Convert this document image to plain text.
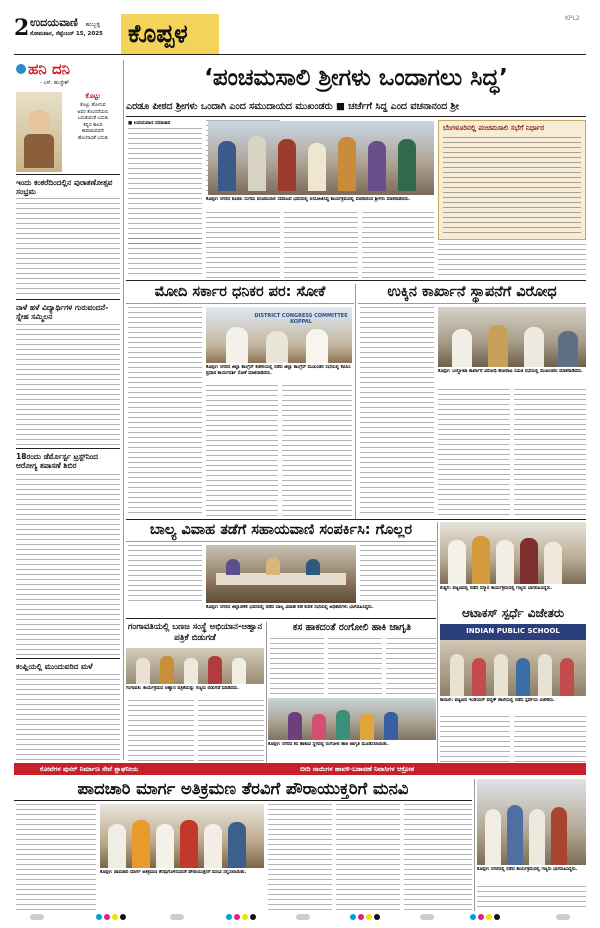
2 ಉದಯವಾಣಿ ಹುಬ್ಬಳ್ಳಿ
ಸೋಮವಾರ, ಸೆಪ್ಟೆಂಬರ್ 15, 2025 ಕೊಪ್ಪಳ
KPL2
ಹನಿ ದನಿ
- ಎಸ್. ಹುಚ್ಚೇಶ್
ಕೊಟ್ಟು
ಕೊಟ್ಟು ಹೋಗುವ
ಅವರ ತೊಂದರೆಯನು
ಬದುಕುವಂತೆ ಬದುಕು
ಕಷ್ಟದ ಕಾಲದಿ
ಕಾಪಾಡುವವನೇ
ಹೊಂದಾಣಿಕೆ ಬದುಕು
ಇಂದು ಕಂಕರೆದಿಂದಲ್ಲಿನ ಪುರಾತಣೋತ್ಸವ ಸಂಭ್ರಮ
ನಾಳೆ ಹಳೆ ವಿದ್ಯಾರ್ಥಿಗಳ ಗುರುವಂದನೆ-ಸ್ನೇಹ ಸಮ್ಮಿಲನ
18ರಂದು ಡೆರ್ಮೊರ್ಸ್ಟ ಟ್ರಸ್ಟ್‌ನಿಂದ ಆರೋಗ್ಯ ತಪಾಸಣೆ ಶಿಬಿರ
ಕಂಪ್ಲಿಯಲ್ಲಿ ಮುಂದುವರಿದ ಮಳೆ
‘ಪಂಚಮಸಾಲಿ ಶ್ರೀಗಳು ಒಂದಾಗಲು ಸಿದ್ಧ’
ಎರಡೂ ಪೀಠದ ಶ್ರೀಗಳು ಒಂದಾಗಿ ಎಂದ ಸಮುದಾಯದ ಮುಖಂಡರು ■ ಚರ್ಚೆಗೆ ಸಿದ್ಧ ಎಂದ ವಚನಾನಂದ ಶ್ರೀ
■ ಉದಯವಾಣಿ ಸಮಾಚಾರ
ಕೊಪ್ಪಳ: ನಗರದ ಕೂಡಲ ಸಂಗಮ ಪಂಚಮಸಾಲಿ ಸಮಾಜದ ಭವನದಲ್ಲಿ ಆಯೋಜಿಸಿದ್ದ ಕಾರ್ಯಕ್ರಮದಲ್ಲಿ ವಚನಾನಂದ ಶ್ರೀಗಳು ಮಾತನಾಡಿದರು.
ಬೆಂಗಳೂರಿನಲ್ಲಿ ಪಂಚಮಸಾಲಿ ಸಭೆಗೆ ನಿರ್ಧಾರ
ಮೋದಿ ಸರ್ಕಾರ ಧನಿಕರ ಪರ: ಸೋಕೆ
DISTRICT CONGRESS COMMITTEE KOPPAL
ಕೊಪ್ಪಳ: ನಗರದ ಜಿಲ್ಲಾ ಕಾಂಗ್ರೆಸ್ ಕಚೇರಿಯಲ್ಲಿ ನಡೆದ ಜಿಲ್ಲಾ ಕಾಂಗ್ರೆಸ್ ಮುಖಂಡರ ಸಭೆಯಲ್ಲಿ ಕೆಪಿಸಿಸಿ ಪ್ರಧಾನ ಕಾರ್ಯದರ್ಶಿ ಸೋಕೆ ಮಾತನಾಡಿದರು.
ಉಕ್ಕಿನ ಕಾರ್ಖಾನೆ ಸ್ಥಾಪನೆಗೆ ವಿರೋಧ
ಕೊಪ್ಪಳ: ಬಲ್ಡೋಟಾ ಕಾರ್ಖಾನೆ ವಿರೋಧಿ ಹೋರಾಟ ಸಮಿತಿ ಸಭೆಯಲ್ಲಿ ಮುಖಂಡರು ಮಾತನಾಡಿದರು.
ಬಾಲ್ಯ ವಿವಾಹ ತಡೆಗೆ ಸಹಾಯವಾಣಿ ಸಂಪರ್ಕಿಸಿ: ಗೊಲ್ಲರ
ಕೊಪ್ಪಳ: ನಗರದ ಜಿಲ್ಲಾಡಳಿತ ಭವನದಲ್ಲಿ ನಡೆದ ಬಾಲ್ಯ ವಿವಾಹ ತಡೆ ಕುರಿತ ಸಭೆಯಲ್ಲಿ ಅಧಿಕಾರಿಗಳು ಭಾಗವಹಿಸಿದ್ದರು.
ಕುಷ್ಟಗಿ: ಪಟ್ಟಣದಲ್ಲಿ ನಡೆದ ಸನ್ಮಾನ ಕಾರ್ಯಕ್ರಮದಲ್ಲಿ ಗಣ್ಯರು ಭಾಗವಹಿಸಿದ್ದರು.
ಆಟಾಕಸ್ ಸ್ಪರ್ಧೆ ವಿಜೇತರು
INDIAN PUBLIC SCHOOL
ಕಾರಟಗಿ: ಪಟ್ಟಣದ ಇಂಡಿಯನ್ ಪಬ್ಲಿಕ್ ಶಾಲೆಯಲ್ಲಿ ನಡೆದ ಸ್ಪರ್ಧೆಯ ವಿಜೇತರು.
ಗಂಗಾವತಿಯಲ್ಲಿ ಬಣಜ ಸಂಸ್ಥೆ ಅಭಿಯಾನ-ಆಹ್ವಾನ ಪತ್ರಿಕೆ ಬಿಡುಗಡೆ
ಗಂಗಾವತಿ: ಕಾರ್ಯಕ್ರಮದ ಆಹ್ವಾನ ಪತ್ರಿಕೆಯನ್ನು ಗಣ್ಯರು ಬಿಡುಗಡೆ ಮಾಡಿದರು.
ಕಸ ಹಾಕದಂತೆ ರಂಗೋಲಿ ಹಾಕಿ ಜಾಗೃತಿ
ಕೊಪ್ಪಳ: ನಗರದ ಕಸ ಹಾಕುವ ಸ್ಥಳದಲ್ಲಿ ರಂಗೋಲಿ ಹಾಕಿ ಜಾಗೃತಿ ಮೂಡಿಸಲಾಯಿತು.
ಕೋಟೆಗಳ ಪುನರ್ ನಿರ್ಮಾಣ ಸೇವೆ ಶ್ಲಾಘನೀಯ	ಬೀದಿ ನಾಯಿಗಳ ಹಾವಳಿ-ಬಡಾವಣೆ ನಿವಾಸಿಗಳ ಆಕ್ರೋಶ
ಪಾದಚಾರಿ ಮಾರ್ಗ ಅತಿಕ್ರಮಣ ತೆರವಿಗೆ ಪೌರಾಯುಕ್ತರಿಗೆ ಮನವಿ
ಕೊಪ್ಪಳ: ಪಾದಚಾರಿ ಮಾರ್ಗ ಅತಿಕ್ರಮಣ ತೆರವುಗೊಳಿಸುವಂತೆ ಪೌರಾಯುಕ್ತರಿಗೆ ಮನವಿ ಸಲ್ಲಿಸಲಾಯಿತು.
ಕೊಪ್ಪಳ: ನಗರದಲ್ಲಿ ನಡೆದ ಕಾರ್ಯಕ್ರಮದಲ್ಲಿ ಗಣ್ಯರು ಭಾಗವಹಿಸಿದ್ದರು.
